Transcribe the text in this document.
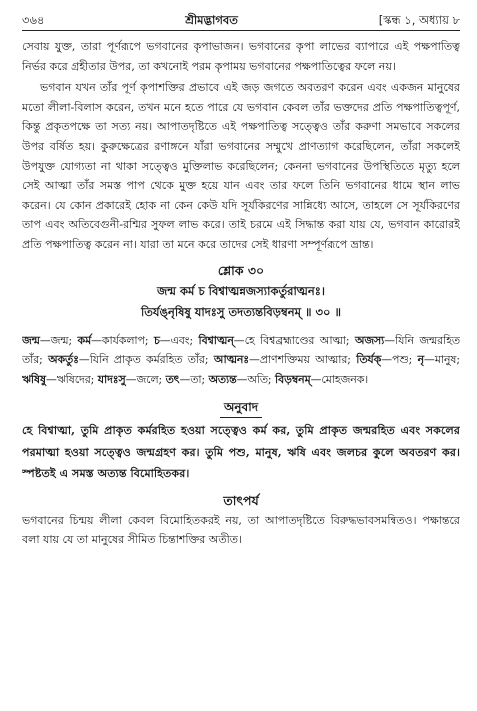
৩৬৪	শ্রীমদ্ভাগবত	[স্কন্ধ ১, অধ্যায় ৮

সেবায় যুক্ত, তারা পূর্ণরূপে ভগবানের কৃপাভাজন। ভগবানের কৃপা লাভের ব্যাপারে এই পক্ষপাতিত্ব নির্ভর করে গ্রহীতার উপর, তা কখনোই পরম কৃপাময় ভগবানের পক্ষপাতিত্বের ফলে নয়।

ভগবান যখন তাঁর পূর্ণ কৃপাশক্তির প্রভাবে এই জড় জগতে অবতরণ করেন এবং একজন মানুষের মতো লীলা-বিলাস করেন, তখন মনে হতে পারে যে ভগবান কেবল তাঁর ভক্তদের প্রতি পক্ষপাতিত্বপূর্ণ, কিন্তু প্রকৃতপক্ষে তা সত্য নয়। আপাতদৃষ্টিতে এই পক্ষপাতিত্ব সত্ত্বেও তাঁর করুণা সমভাবে সকলের উপর বর্ষিত হয়। কুরুক্ষেত্রের রণাঙ্গনে যাঁরা ভগবানের সম্মুখে প্রাণত্যাগ করেছিলেন, তাঁরা সকলেই উপযুক্ত যোগ্যতা না থাকা সত্ত্বেও মুক্তিলাভ করেছিলেন; কেননা ভগবানের উপস্থিতিতে মৃত্যু হলে সেই আত্মা তাঁর সমস্ত পাপ থেকে মুক্ত হয়ে যান এবং তার ফলে তিনি ভগবানের ধামে স্থান লাভ করেন। যে কোন প্রকারেই হোক না কেন কেউ যদি সূর্যকিরণের সান্নিধ্যে আসে, তাহলে সে সূর্যকিরণের তাপ এবং অতিবেগুনী-রশ্মির সুফল লাভ করে। তাই চরমে এই সিদ্ধান্ত করা যায় যে, ভগবান কারোরই প্রতি পক্ষপাতিত্ব করেন না। যারা তা মনে করে তাদের সেই ধারণা সম্পূর্ণরূপে ভ্রান্ত।

শ্লোক ৩০
জন্ম কর্ম চ বিশ্বাত্মন্নজস্যাকর্তুরাত্মনঃ।
তির্যঙ্নৃষিষু যাদঃসু তদত্যন্তবিড়ম্বনম্ ॥ ৩০ ॥
জন্ম—জন্ম; কর্ম—কার্যকলাপ; চ—এবং; বিশ্বাত্মন্—হে বিশ্বব্রহ্মাণ্ডের আত্মা; অজস্য—যিনি জন্মরহিত তাঁর; অকর্তুঃ—যিনি প্রাকৃত কর্মরহিত তাঁর; আত্মনঃ—প্রাণশক্তিময় আত্মার; তির্যক্—পশু; নৃ—মানুষ; ঋষিষু—ঋষিদের; যাদঃসু—জলে; তৎ—তা; অত্যন্ত—অতি; বিড়ম্বনম্—মোহজনক।
অনুবাদ

হে বিশ্বাত্মা, তুমি প্রাকৃত কর্মরহিত হওয়া সত্ত্বেও কর্ম কর, তুমি প্রাকৃত জন্মরহিত এবং সকলের পরমাত্মা হওয়া সত্ত্বেও জন্মগ্রহণ কর। তুমি পশু, মানুষ, ঋষি এবং জলচর কুলে অবতরণ কর। স্পষ্টতই এ সমস্ত অত্যন্ত বিমোহিতকর।

তাৎপর্য

ভগবানের চিন্ময় লীলা কেবল বিমোহিতকরই নয়, তা আপাতদৃষ্টিতে বিরুদ্ধভাবসমন্বিতও। পক্ষান্তরে বলা যায় যে তা মানুষের সীমিত চিন্তাশক্তির অতীত।
